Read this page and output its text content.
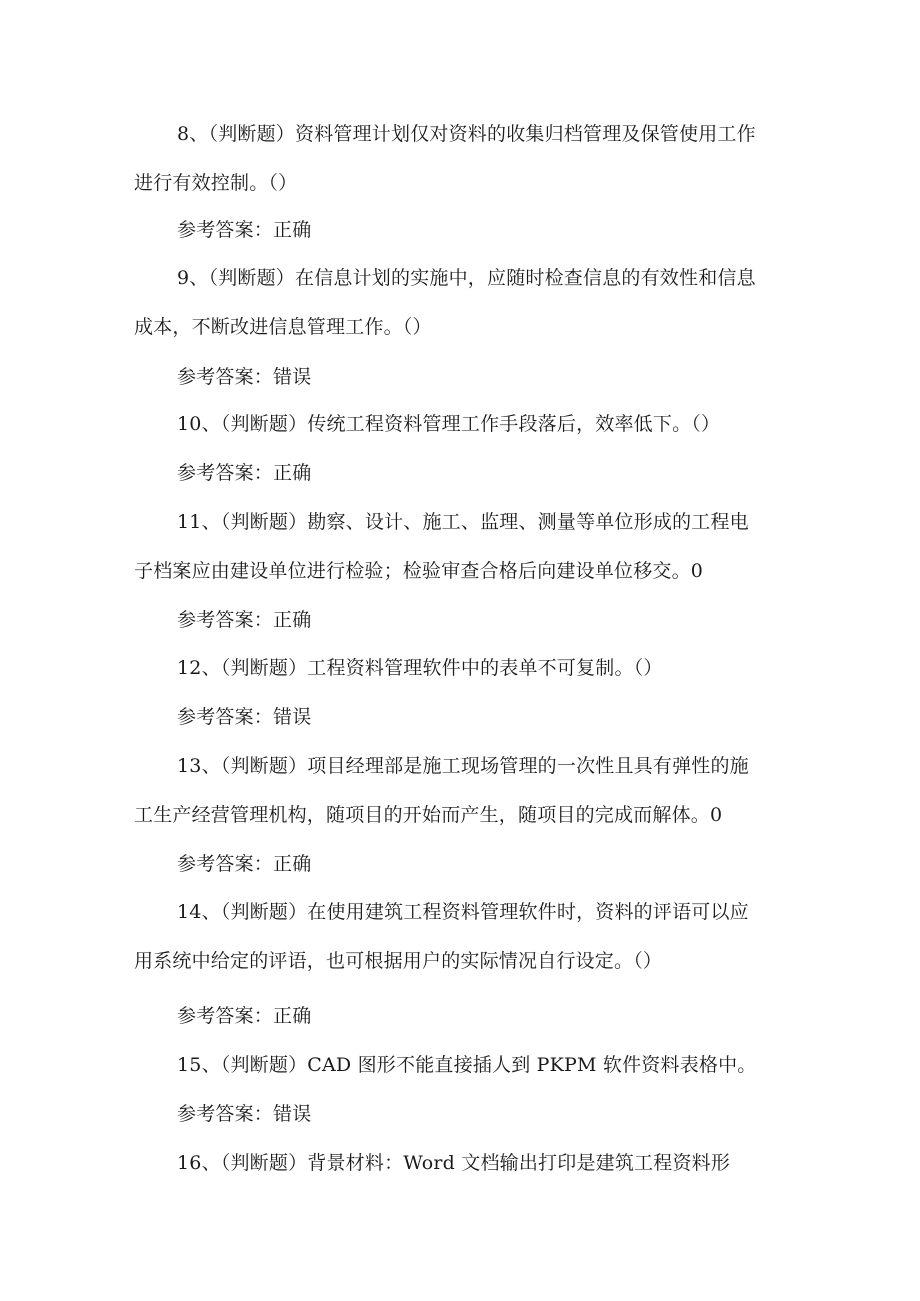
8、（判断题）资料管理计划仅对资料的收集归档管理及保管使用工作
进行有效控制。（）
参考答案：正确
9、（判断题）在信息计划的实施中，应随时检查信息的有效性和信息
成本，不断改进信息管理工作。（）
参考答案：错误
10、（判断题）传统工程资料管理工作手段落后，效率低下。（）
参考答案：正确
11、（判断题）勘察、设计、施工、监理、测量等单位形成的工程电
子档案应由建设单位进行检验；检验审查合格后向建设单位移交。0
参考答案：正确
12、（判断题）工程资料管理软件中的表单不可复制。（）
参考答案：错误
13、（判断题）项目经理部是施工现场管理的一次性且具有弹性的施
工生产经营管理机构，随项目的开始而产生，随项目的完成而解体。0
参考答案：正确
14、（判断题）在使用建筑工程资料管理软件时，资料的评语可以应
用系统中给定的评语，也可根据用户的实际情况自行设定。（）
参考答案：正确
15、（判断题）CAD 图形不能直接插人到 PKPM 软件资料表格中。
参考答案：错误
16、（判断题）背景材料：Word 文档输出打印是建筑工程资料形
